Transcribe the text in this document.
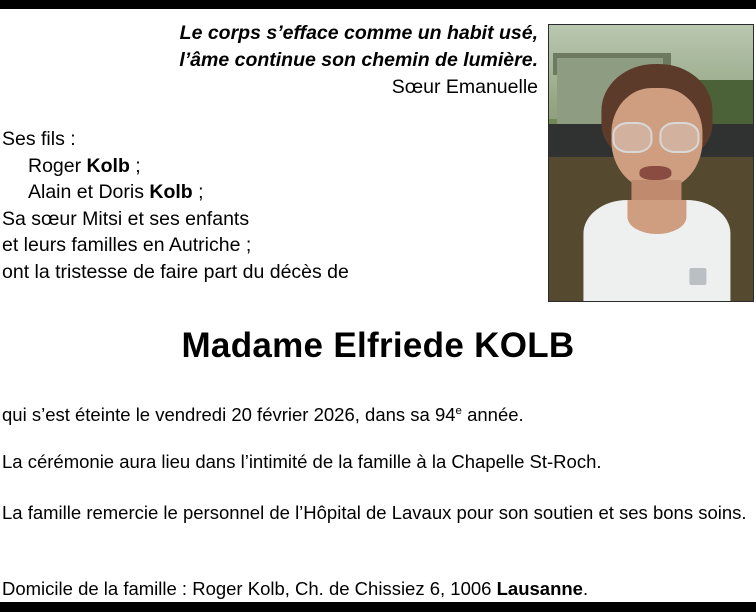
Le corps s’efface comme un habit usé,
l’âme continue son chemin de lumière.
Sœur Emanuelle
Ses fils :
Roger Kolb ;
Alain et Doris Kolb ;
Sa sœur Mitsi et ses enfants
et leurs familles en Autriche ;
ont la tristesse de faire part du décès de
Madame Elfriede KOLB
qui s’est éteinte le vendredi 20 février 2026, dans sa 94e année.
La cérémonie aura lieu dans l’intimité de la famille à la Chapelle St-Roch.
La famille remercie le personnel de l’Hôpital de Lavaux pour son soutien et ses bons soins.
Domicile de la famille : Roger Kolb, Ch. de Chissiez 6, 1006 Lausanne.
